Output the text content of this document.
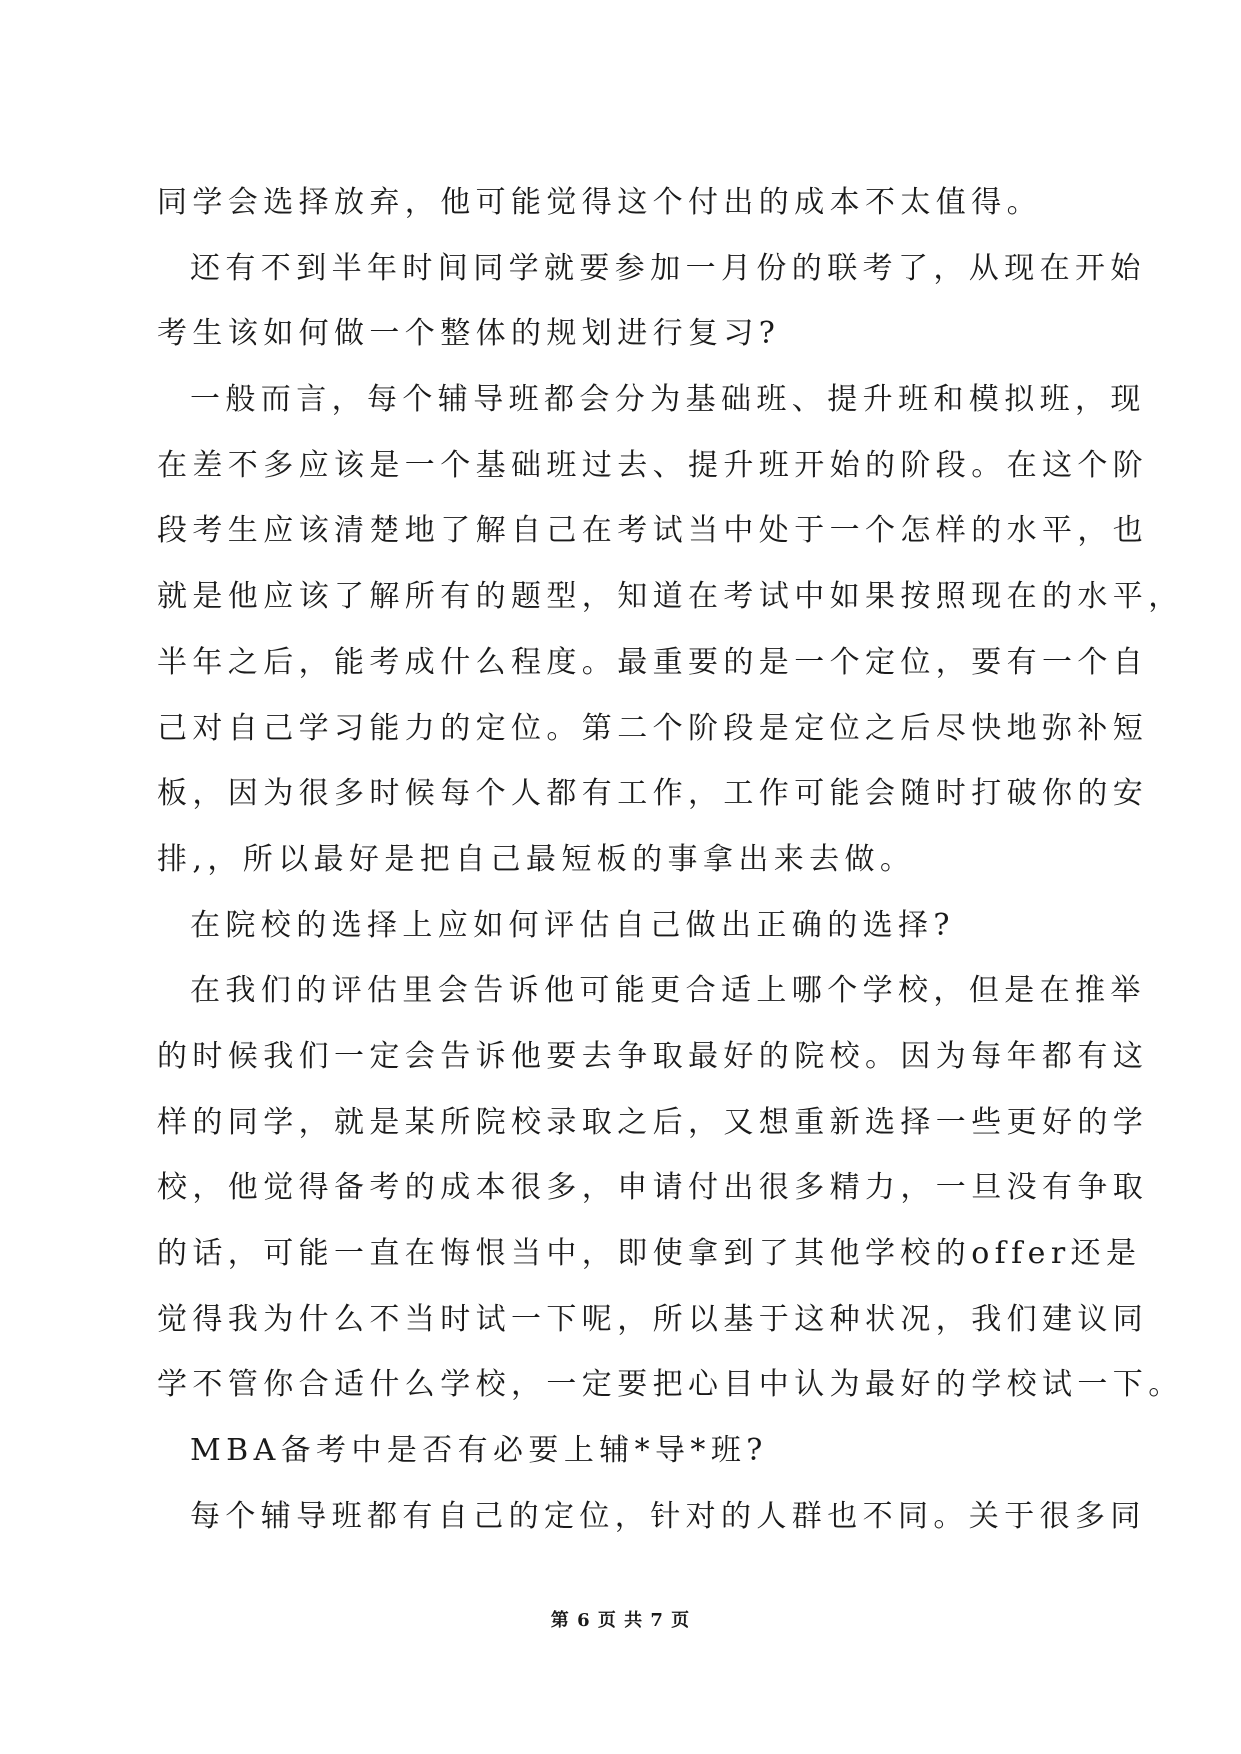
同学会选择放弃，他可能觉得这个付出的成本不太值得。
还有不到半年时间同学就要参加一月份的联考了，从现在开始
考生该如何做一个整体的规划进行复习?
一般而言，每个辅导班都会分为基础班、提升班和模拟班，现
在差不多应该是一个基础班过去、提升班开始的阶段。在这个阶
段考生应该清楚地了解自己在考试当中处于一个怎样的水平，也
就是他应该了解所有的题型，知道在考试中如果按照现在的水平，
半年之后，能考成什么程度。最重要的是一个定位，要有一个自
己对自己学习能力的定位。第二个阶段是定位之后尽快地弥补短
板，因为很多时候每个人都有工作，工作可能会随时打破你的安
排,，所以最好是把自己最短板的事拿出来去做。
在院校的选择上应如何评估自己做出正确的选择?
在我们的评估里会告诉他可能更合适上哪个学校，但是在推举
的时候我们一定会告诉他要去争取最好的院校。因为每年都有这
样的同学，就是某所院校录取之后，又想重新选择一些更好的学
校，他觉得备考的成本很多，申请付出很多精力，一旦没有争取
的话，可能一直在悔恨当中，即使拿到了其他学校的offer还是
觉得我为什么不当时试一下呢，所以基于这种状况，我们建议同
学不管你合适什么学校，一定要把心目中认为最好的学校试一下。
MBA备考中是否有必要上辅*导*班?
每个辅导班都有自己的定位，针对的人群也不同。关于很多同
第 6 页 共 7 页
